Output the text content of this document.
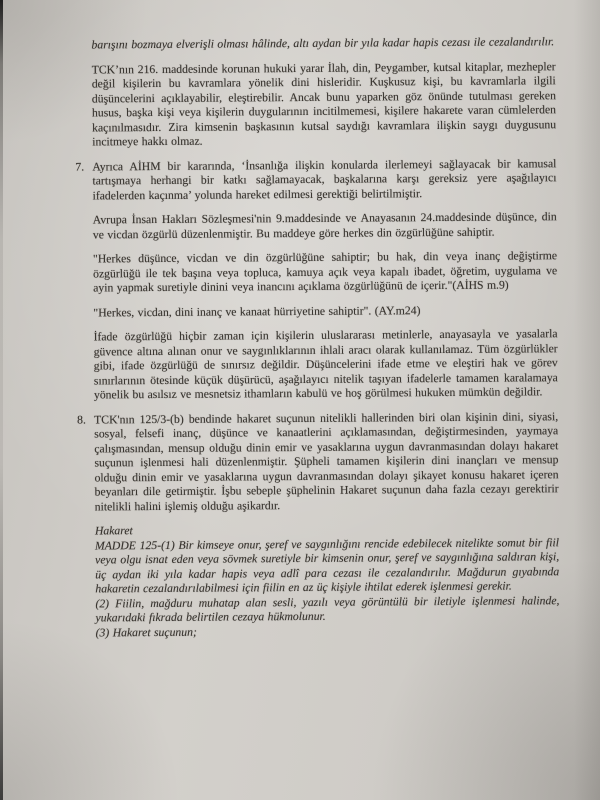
barışını bozmaya elverişli olması hâlinde, altı aydan bir yıla kadar hapis cezası ile cezalandırılır.

TCK’nın 216. maddesinde korunan hukuki yarar İlah, din, Peygamber, kutsal kitaplar, mezhepler değil kişilerin bu kavramlara yönelik dini hisleridir. Kuşkusuz kişi, bu kavramlarla ilgili düşüncelerini açıklayabilir, eleştirebilir. Ancak bunu yaparken göz önünde tutulması gereken husus, başka kişi veya kişilerin duygularının incitilmemesi, kişilere hakarete varan cümlelerden kaçınılmasıdır. Zira kimsenin başkasının kutsal saydığı kavramlara ilişkin saygı duygusunu incitmeye hakkı olmaz.

7. Ayrıca AİHM bir kararında, ‘İnsanlığa ilişkin konularda ilerlemeyi sağlayacak bir kamusal tartışmaya herhangi bir katkı sağlamayacak, başkalarına karşı gereksiz yere aşağılayıcı ifadelerden kaçınma’ yolunda hareket edilmesi gerektiği belirtilmiştir.

Avrupa İnsan Hakları Sözleşmesi'nin 9.maddesinde ve Anayasanın 24.maddesinde düşünce, din ve vicdan özgürlü düzenlenmiştir. Bu maddeye göre herkes din özgürlüğüne sahiptir.

"Herkes düşünce, vicdan ve din özgürlüğüne sahiptir; bu hak, din veya inanç değiştirme özgürlüğü ile tek başına veya topluca, kamuya açık veya kapalı ibadet, öğretim, uygulama ve ayin yapmak suretiyle dinini veya inancını açıklama özgürlüğünü de içerir."(AİHS m.9)

"Herkes, vicdan, dini inanç ve kanaat hürriyetine sahiptir". (AY.m24)

İfade özgürlüğü hiçbir zaman için kişilerin uluslararası metinlerle, anayasayla ve yasalarla güvence altına alınan onur ve saygınlıklarının ihlali aracı olarak kullanılamaz. Tüm özgürlükler gibi, ifade özgürlüğü de sınırsız değildir. Düşüncelerini ifade etme ve eleştiri hak ve görev sınırlarının ötesinde küçük düşürücü, aşağılayıcı nitelik taşıyan ifadelerle tamamen karalamaya yönelik bu asılsız ve mesnetsiz ithamların kabulü ve hoş görülmesi hukuken mümkün değildir.

8. TCK'nın 125/3-(b) bendinde hakaret suçunun nitelikli hallerinden biri olan kişinin dini, siyasi, sosyal, felsefi inanç, düşünce ve kanaatlerini açıklamasından, değiştirmesinden, yaymaya çalışmasından, mensup olduğu dinin emir ve yasaklarına uygun davranmasından dolayı hakaret suçunun işlenmesi hali düzenlenmiştir. Şüpheli tamamen kişilerin dini inançları ve mensup olduğu dinin emir ve yasaklarına uygun davranmasından dolayı şikayet konusu hakaret içeren beyanları dile getirmiştir. İşbu sebeple şüphelinin Hakaret suçunun daha fazla cezayı gerektirir nitelikli halini işlemiş olduğu aşikardır.

Hakaret

MADDE 125-(1) Bir kimseye onur, şeref ve saygınlığını rencide edebilecek nitelikte somut bir fiil veya olgu isnat eden veya sövmek suretiyle bir kimsenin onur, şeref ve saygınlığına saldıran kişi, üç aydan iki yıla kadar hapis veya adlî para cezası ile cezalandırılır. Mağdurun gıyabında hakaretin cezalandırılabilmesi için fiilin en az üç kişiyle ihtilat ederek işlenmesi gerekir.

(2) Fiilin, mağduru muhatap alan sesli, yazılı veya görüntülü bir iletiyle işlenmesi halinde, yukarıdaki fıkrada belirtilen cezaya hükmolunur.

(3) Hakaret suçunun;
